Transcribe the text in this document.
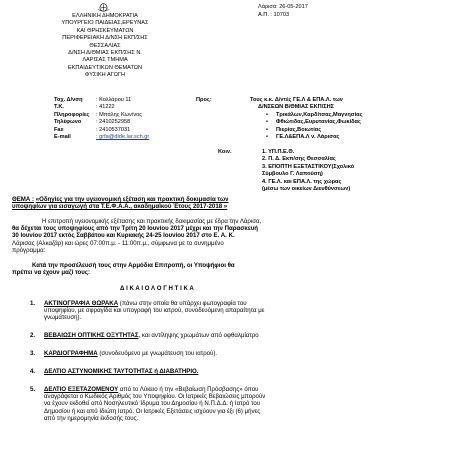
ΕΛΛΗΝΙΚΗ ΔΗΜΟΚΡΑΤΙΑ
ΥΠΟΥΡΓΕΙΟ ΠΑΙΔΕΙΑΣ,ΕΡΕΥΝΑΣ
ΚΑΙ ΘΡΗΣΚΕΥΜΑΤΩΝ
ΠΕΡΙΦΕΡΕΙΑΚΗ Δ/ΝΣΗ ΕΚΠ/ΣΗΣ
ΘΕΣΣΑΛΙΑΣ
Δ/ΝΣΗ Δ/ΘΜΙΑΣ ΕΚΠ/ΣΗΣ Ν.
ΛΑΡΙΣΑΣ ΤΜΗΜΑ
ΕΚΠΑΙΔΕΥΤΙΚΩΝ ΘΕΜΑΤΩΝ
ΦΥΣΙΚΗ ΑΓΩΓΗ
Λάρισα: 26-05-2017
Α.Π. : 10703
Ταχ. Δ/νση : Κολλάρου 11
Τ.Κ.	: 41222
Πληροφορίες : Μπάλης Κων/νος
Τηλέφωνο	: 2410252958
Fax	: 2410537031
E-mail	: grfa@dide.lar.sch.gr
Προς:	Τους κ.κ. Δ/ντές ΓΕ.Λ & ΕΠΑ.Λ. των
Δ/ΝΣΕΩΝ Β/ΘΜΙΑΣ ΕΚΠ/ΣΗΣ
• Τρικάλων,Καρδίτσας,Μαγνησίας
• Φθιώτιδας,Ευρυτανίας,Φωκίδας
• Πιερίας,Βοιωτίας
• ΓΕ.Λ&ΕΠΑ.Λ ν. Λάρισας
Κοιν.	1. ΥΠ.Π.Ε.Θ.
2. Π. Δ. Εκπ/σης Θεσσαλίας
3. ΕΠΟΠΤΗ ΕΞΕΤΑΣΤΙΚΟΥ(Σχολικό
Σύμβουλο Γ. Λαπούση)
4. ΓΕ.Λ. και ΕΠΑ.Λ. της χώρας
(μέσω των οικείων Διευθύνσεων)
ΘΕΜΑ : «Οδηγίες για την υγειονομική εξέταση και πρακτική δοκιμασία των
υποψηφίων για εισαγωγή στα Τ.Ε.Φ.Α.Α., ακαδημαϊκού Έτους 2017-2018 »
Η επιτροπή υγειονομικής εξέτασης και πρακτικής δοκιμασίας με έδρα την Λάρισα,
θα δέχεται τους υποψηφίους από την Τρίτη 20 Ιουνίου 2017 μέχρι και την Παρασκευή
30 Ιουνίου 2017 εκτός Σαββάτου και Κυριακής 24-25 Ιουνίου 2017 στο Ε. Α. Κ.
Λάρισας (Αλκαζάρ) και ώρες 07:00π.μ. - 11:00π.μ., σύμφωνα με το συνημμένο
πρόγραμμα:
Κατά την προσέλευσή τους στην Αρμόδια Επιτροπή, οι Υποψήφιοι θα
πρέπει να έχουν μαζί τους:
Δ Ι Κ Α Ι Ο Λ Ο Γ Η Τ Ι Κ Α
1. ΑΚΤΙΝΟΓΡΑΦΙΑ ΘΩΡΑΚΑ (πάνω στην οποία θα υπάρχει φωτογραφία του
υποψηφίου, με σφραγίδα και υπογραφή του ιατρού, συνοδευόμενη απαραίτητα με
γνωμάτευση).
2. ΒΕΒΑΙΩΣΗ ΟΠΤΙΚΗΣ ΟΞΥΤΗΤΑΣ, και αντίληψης χρωμάτων από οφθαλμίατρο
3. ΚΑΡΔΙΟΓΡΑΦΗΜΑ (συνοδευόμενο με γνωμάτευση του ιατρού).
4. ΔΕΛΤΙΟ ΑΣΤΥΝΟΜΙΚΗΣ ΤΑΥΤΟΤΗΤΑΣ ή ΔΙΑΒΑΤΗΡΙΟ.
5. ΔΕΛΤΙΟ ΕΞΕΤΑΖΟΜΕΝΟΥ από το Λύκειο ή την «Βεβαίωση Πρόσβασης» όπου
αναγράφεται ο Κωδικός Αριθμός του Υποψηφίου. Οι Ιατρικές Βεβαιώσεις μπορούν
να έχουν εκδοθεί από Νοσηλευτικό Ίδρυμα του Δημοσίου ή Ν.Π.Δ.Δ. ή Ιατρό του
Δημοσίου ή και από Ιδιώτη Ιατρό. Οι Ιατρικές Εξετάσεις ισχύουν για έξι (6) μήνες
από την ημερομηνία έκδοσής τους.
